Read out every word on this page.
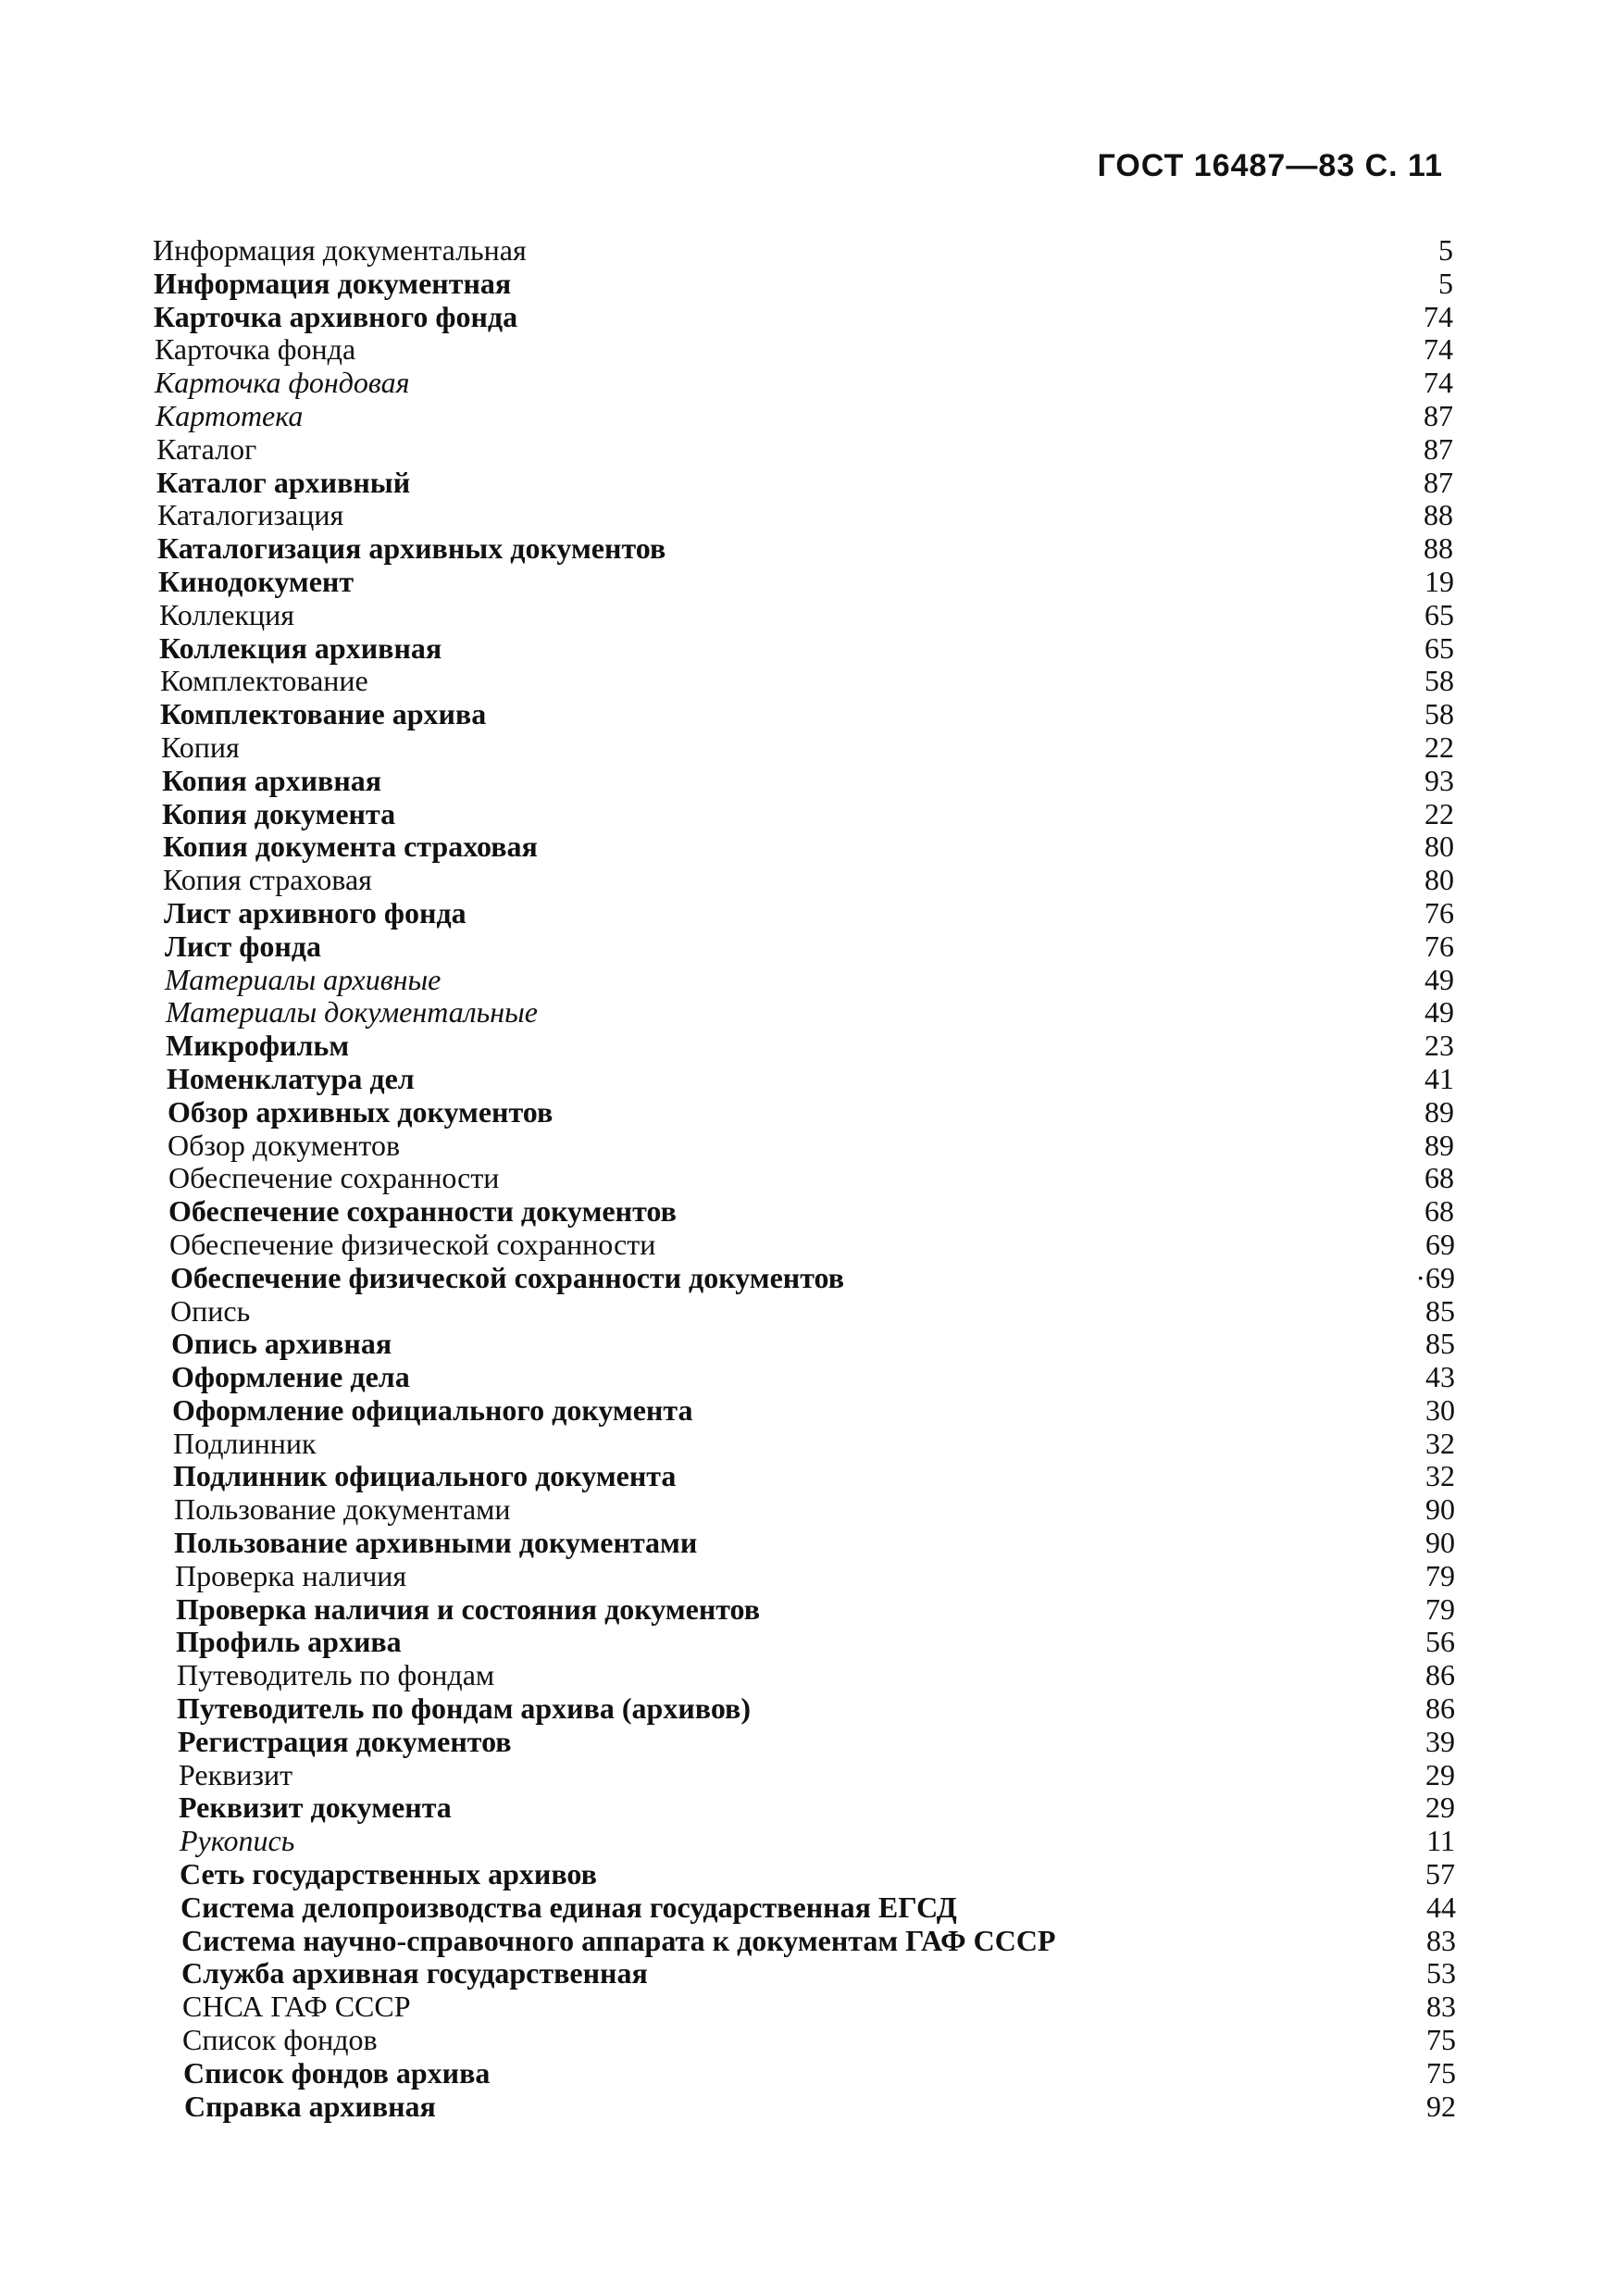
ГОСТ 16487—83 С. 11
Информация документальная	5
Информация документная	5
Карточка архивного фонда	74
Карточка фонда	74
Карточка фондовая	74
Картотека	87
Каталог	87
Каталог архивный	87
Каталогизация	88
Каталогизация архивных документов	88
Кинодокумент	19
Коллекция	65
Коллекция архивная	65
Комплектование	58
Комплектование архива	58
Копия	22
Копия архивная	93
Копия документа	22
Копия документа страховая	80
Копия страховая	80
Лист архивного фонда	76
Лист фонда	76
Материалы архивные	49
Материалы документальные	49
Микрофильм	23
Номенклатура дел	41
Обзор архивных документов	89
Обзор документов	89
Обеспечение сохранности	68
Обеспечение сохранности документов	68
Обеспечение физической сохранности	69
Обеспечение физической сохранности документов	·69
Опись	85
Опись архивная	85
Оформление дела	43
Оформление официального документа	30
Подлинник	32
Подлинник официального документа	32
Пользование документами	90
Пользование архивными документами	90
Проверка наличия	79
Проверка наличия и состояния документов	79
Профиль архива	56
Путеводитель по фондам	86
Путеводитель по фондам архива (архивов)	86
Регистрация документов	39
Реквизит	29
Реквизит документа	29
Рукопись	11
Сеть государственных архивов	57
Система делопроизводства единая государственная ЕГСД	44
Система научно-справочного аппарата к документам ГАФ СССР	83
Служба архивная государственная	53
СНСА ГАФ СССР	83
Список фондов	75
Список фондов архива	75
Справка архивная	92
